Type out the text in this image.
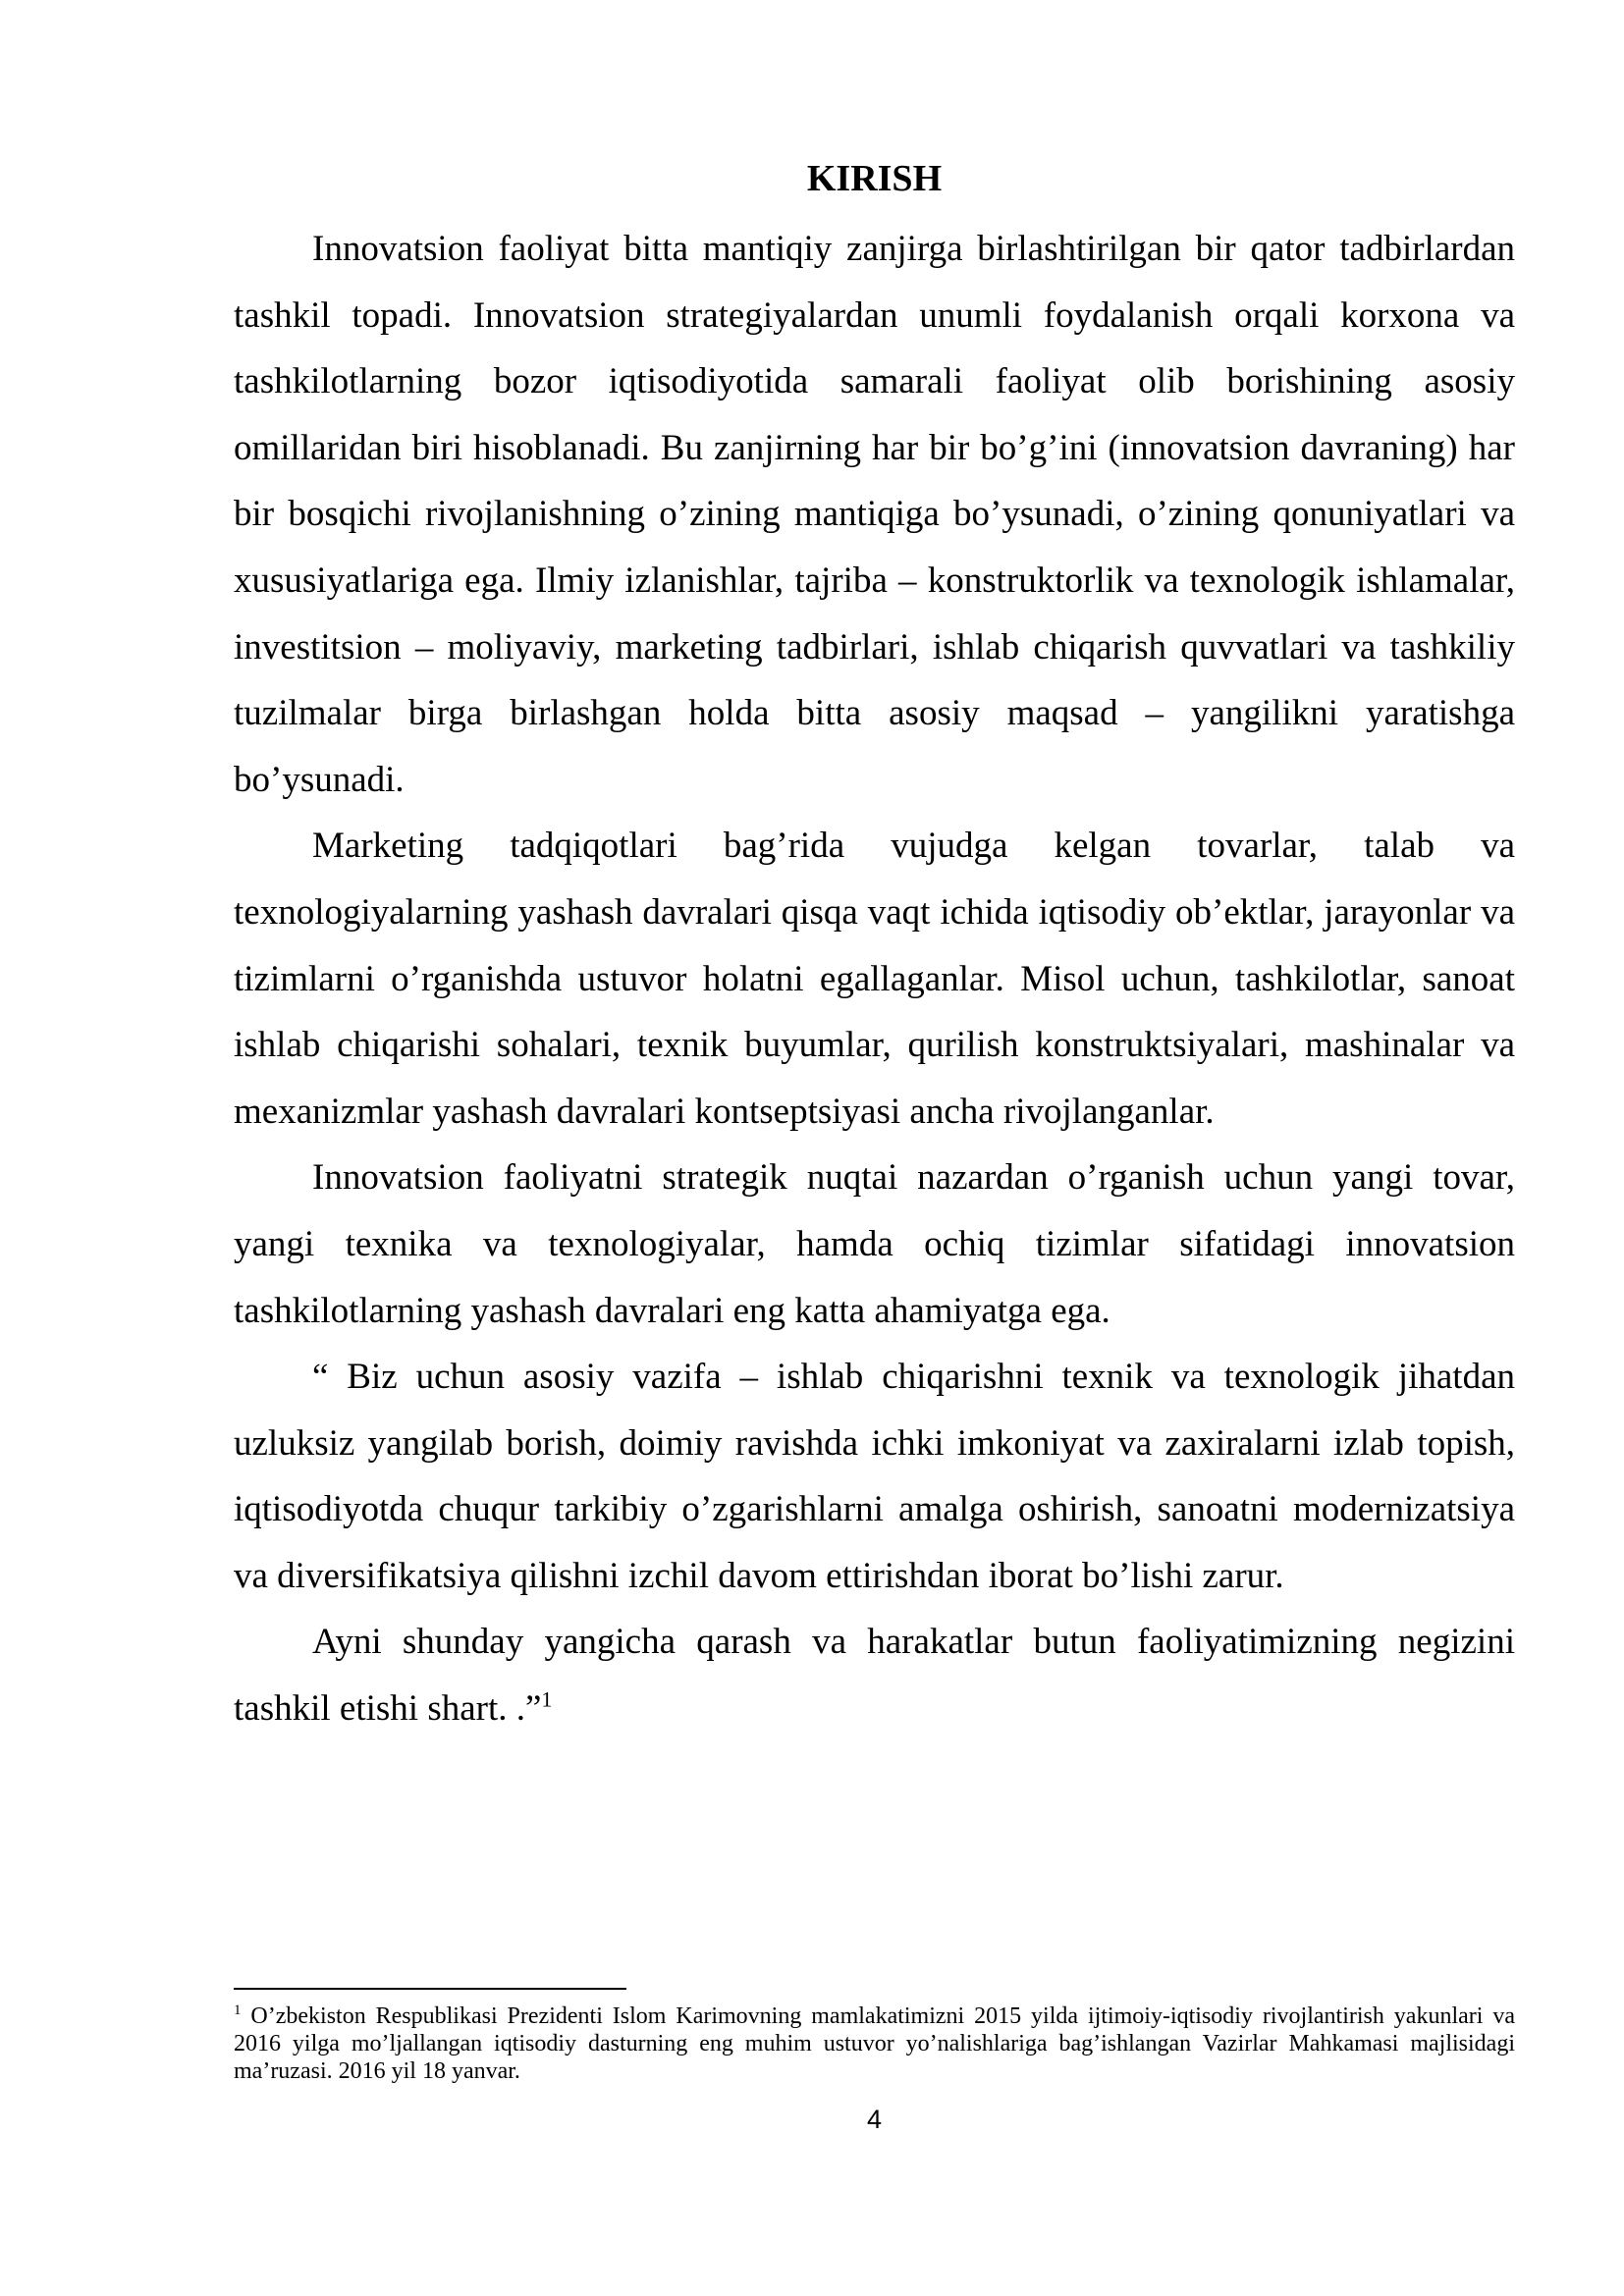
KIRISH

Innovatsion faoliyat bitta mantiqiy zanjirga birlashtirilgan bir qator tadbirlardan tashkil topadi. Innovatsion strategiyalardan unumli foydalanish orqali korxona va tashkilotlarning bozor iqtisodiyotida samarali faoliyat olib borishining asosiy omillaridan biri hisoblanadi. Bu zanjirning har bir bo’g’ini (innovatsion davraning) har bir bosqichi rivojlanishning o’zining mantiqiga bo’ysunadi, o’zining qonuniyatlari va xususiyatlariga ega. Ilmiy izlanishlar, tajriba – konstruktorlik va texnologik ishlamalar, investitsion – moliyaviy, marketing tadbirlari, ishlab chiqarish quvvatlari va tashkiliy tuzilmalar birga birlashgan holda bitta asosiy maqsad – yangilikni yaratishga bo’ysunadi.

Marketing tadqiqotlari bag’rida vujudga kelgan tovarlar, talab va texnologiyalarning yashash davralari qisqa vaqt ichida iqtisodiy ob’ektlar, jarayonlar va tizimlarni o’rganishda ustuvor holatni egallaganlar. Misol uchun, tashkilotlar, sanoat ishlab chiqarishi sohalari, texnik buyumlar, qurilish konstruktsiyalari, mashinalar va mexanizmlar yashash davralari kontseptsiyasi ancha rivojlanganlar.

Innovatsion faoliyatni strategik nuqtai nazardan o’rganish uchun yangi tovar, yangi texnika va texnologiyalar, hamda ochiq tizimlar sifatidagi innovatsion tashkilotlarning yashash davralari eng katta ahamiyatga ega.

“ Biz uchun asosiy vazifa – ishlab chiqarishni texnik va texnologik jihatdan uzluksiz yangilab borish, doimiy ravishda ichki imkoniyat va zaxiralarni izlab topish, iqtisodiyotda chuqur tarkibiy o’zgarishlarni amalga oshirish, sanoatni modernizatsiya va diversifikatsiya qilishni izchil davom ettirishdan iborat bo’lishi zarur.

Ayni shunday yangicha qarash va harakatlar butun faoliyatimizning negizini tashkil etishi shart. .”$^1$

$^1$ O’zbekiston Respublikasi Prezidenti Islom Karimovning mamlakatimizni 2015 yilda ijtimoiy-iqtisodiy rivojlantirish yakunlari va 2016 yilga mo’ljallangan iqtisodiy dasturning eng muhim ustuvor yo’nalishlariga bag’ishlangan Vazirlar Mahkamasi majlisidagi ma’ruzasi. 2016 yil 18 yanvar.

4
